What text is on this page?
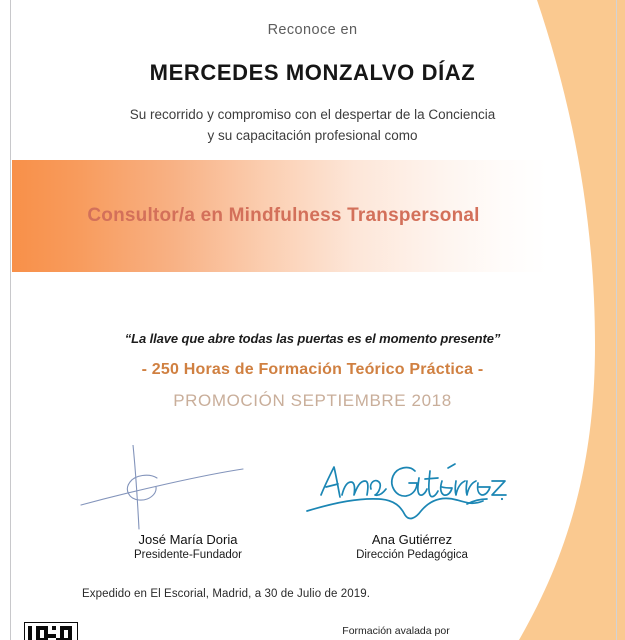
Reconoce en
MERCEDES MONZALVO DÍAZ
Su recorrido y compromiso con el despertar de la Conciencia
y su capacitación profesional como
Consultor/a en Mindfulness Transpersonal
“La llave que abre todas las puertas es el momento presente”
- 250 Horas de Formación Teórico Práctica -
PROMOCIÓN SEPTIEMBRE 2018
José María Doria
Presidente-Fundador
Ana Gutiérrez
Dirección Pedagógica
Expedido en El Escorial, Madrid, a 30 de Julio de 2019.
Formación avalada por
